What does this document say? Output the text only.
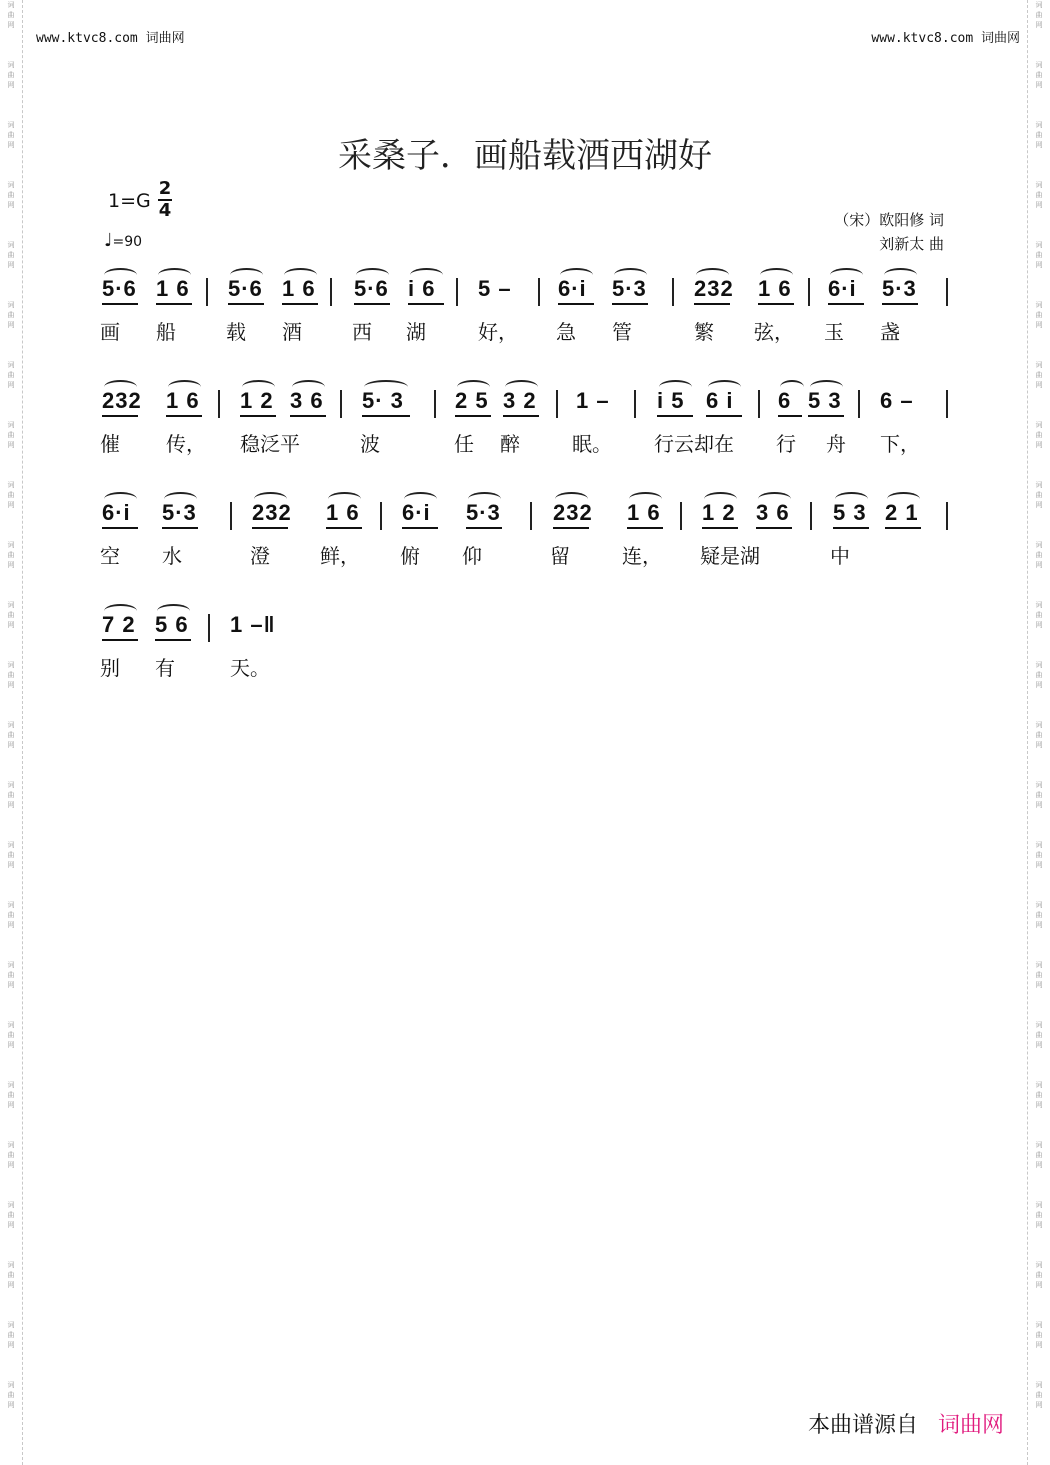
词
曲
网
词
曲
网
词
曲
网
词
曲
网
词
曲
网
词
曲
网
词
曲
网
词
曲
网
词
曲
网
词
曲
网
词
曲
网
词
曲
网
词
曲
网
词
曲
网
词
曲
网
词
曲
网
词
曲
网
词
曲
网
词
曲
网
词
曲
网
词
曲
网
词
曲
网
词
曲
网
词
曲
网
词
曲
网
词
曲
网
词
曲
网
词
曲
网
词
曲
网
词
曲
网
词
曲
网
词
曲
网
词
曲
网
词
曲
网
词
曲
网
词
曲
网
词
曲
网
词
曲
网
词
曲
网
词
曲
网
词
曲
网
词
曲
网
词
曲
网
词
曲
网
词
曲
网
词
曲
网
词
曲
网
词
曲
网
www.ktvc8.com 词曲网	www.ktvc8.com 词曲网
采桑子．画船载酒西湖好
1=G
2
4
♩=90
（宋）欧阳修 词
刘新太 曲
5·6 1 6 5·6 1 6 5·6 i 6 5 – 6·i 5·3 232 1 6 6·i 5·3
画 船	载 酒	西 湖	好， 急 管	繁 弦， 玉 盏
232 1 6 1 2 3 6 5· 3 2 5 3 2 1 – i 5 6 i 6 5 3 6 –
催 传， 稳泛平	波	任 醉	眠。 行云却在 行 舟 下，
6·i 5·3	232 1 6 6·i 5·3 232 1 6 1 2 3 6 5 3 2 1
空 水	澄	鲜， 俯 仰	留	连， 疑是湖	中
7 2 5 6 1 –‖
别 有	天。
本曲谱源自 词曲网
